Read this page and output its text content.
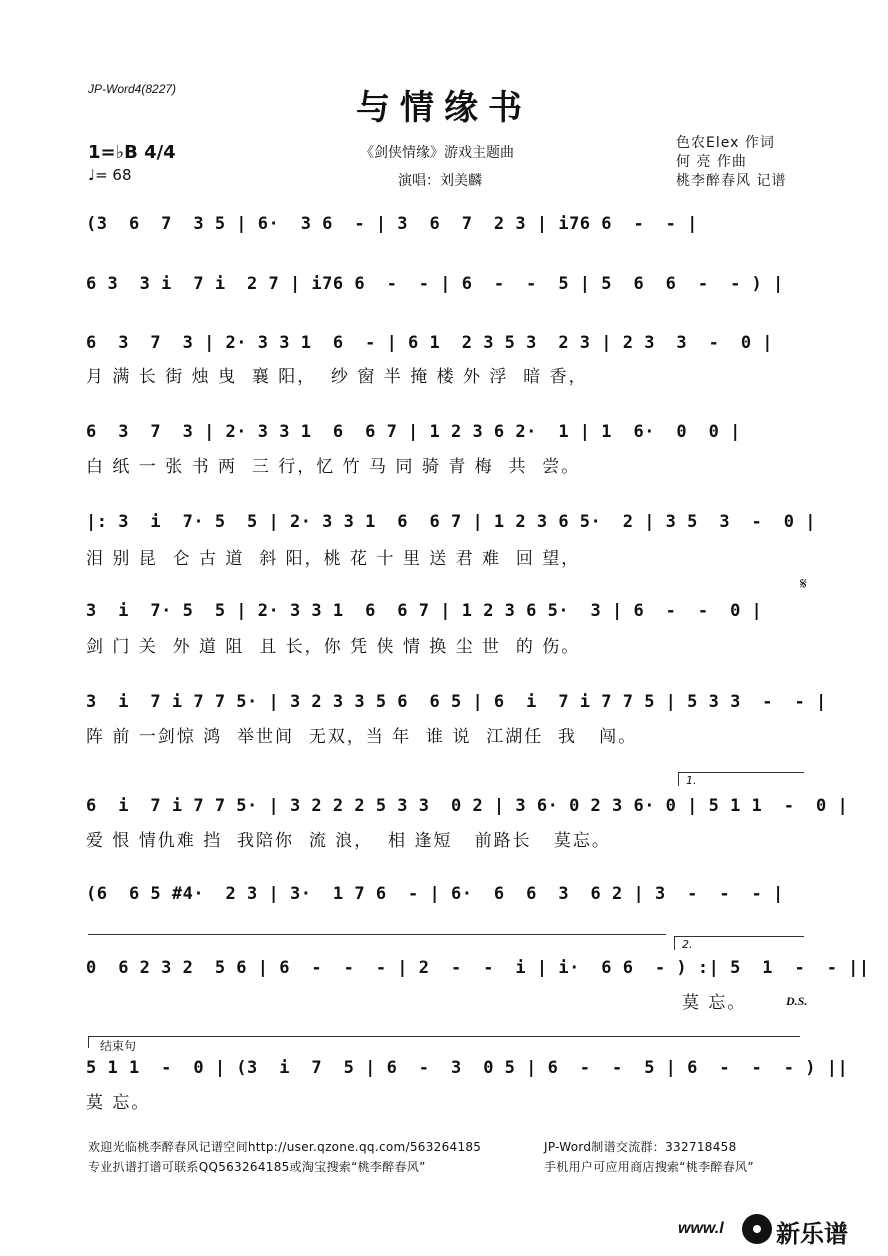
JP-Word4(8227)	与情缘书
《剑侠情缘》游戏主题曲
演唱：刘美麟
色农Elex 作词
何 亮 作曲
桃李醉春风 记谱
1=♭B 4/4
♩= 68
(3  6  7  3 5 | 6·  3 6  - | 3  6  7  2 3 | i76 6  -  - |
6 3  3 i  7 i  2 7 | i76 6  -  - | 6  -  -  5 | 5  6  6  -  - ) |
6  3  7  3 | 2· 3 3 1  6  - | 6 1  2 3 5 3  2 3 | 2 3  3  -  0 |
月 满 长 街 烛 曳  襄 阳，  纱 窗 半 掩 楼 外 浮  暗 香，
6  3  7  3 | 2· 3 3 1  6  6 7 | 1 2 3 6 2·  1 | 1  6·  0  0 |
白 纸 一 张 书 两  三 行，忆 竹 马 同 骑 青 梅  共  尝。
|: 3  i  7· 5  5 | 2· 3 3 1  6  6 7 | 1 2 3 6 5·  2 | 3 5  3  -  0 |
泪 别 昆  仑 古 道  斜 阳，桃 花 十 里 送 君 难  回 望，
𝄋
3  i  7· 5  5 | 2· 3 3 1  6  6 7 | 1 2 3 6 5·  3 | 6  -  -  0 |
剑 门 关  外 道 阻  且 长，你 凭 侠 情 换 尘 世  的 伤。
3  i  7 i 7 7 5· | 3 2 3 3 5 6  6 5 | 6  i  7 i 7 7 5 | 5 3 3  -  - |
阵 前 一剑惊 鸿  举世间  无双，当 年  谁 说  江湖任  我   闯。
1.
6  i  7 i 7 7 5· | 3 2 2 2 5 3 3  0 2 | 3 6· 0 2 3 6· 0 | 5 1 1  -  0 |
爱 恨 情仇难 挡  我陪你  流 浪，  相 逢短   前路长   莫忘。
(6  6 5 #4·  2 3 | 3·  1 7 6  - | 6·  6  6  3  6 2 | 3  -  -  - |
2.
0  6 2 3 2  5 6 | 6  -  -  - | 2  -  -  i | i·  6 6  - ) :| 5  1  -  - ||
莫 忘。	D.S.
结束句
5 1 1  -  0 | (3  i  7  5 | 6  -  3  0 5 | 6  -  -  5 | 6  -  -  - ) ||
莫 忘。
欢迎光临桃李醉春风记谱空间http://user.qzone.qq.com/563264185	JP-Word制谱交流群：332718458
专业扒谱打谱可联系QQ563264185或淘宝搜索“桃李醉春风”	手机用户可应用商店搜索“桃李醉春风”
www.l 新乐谱
